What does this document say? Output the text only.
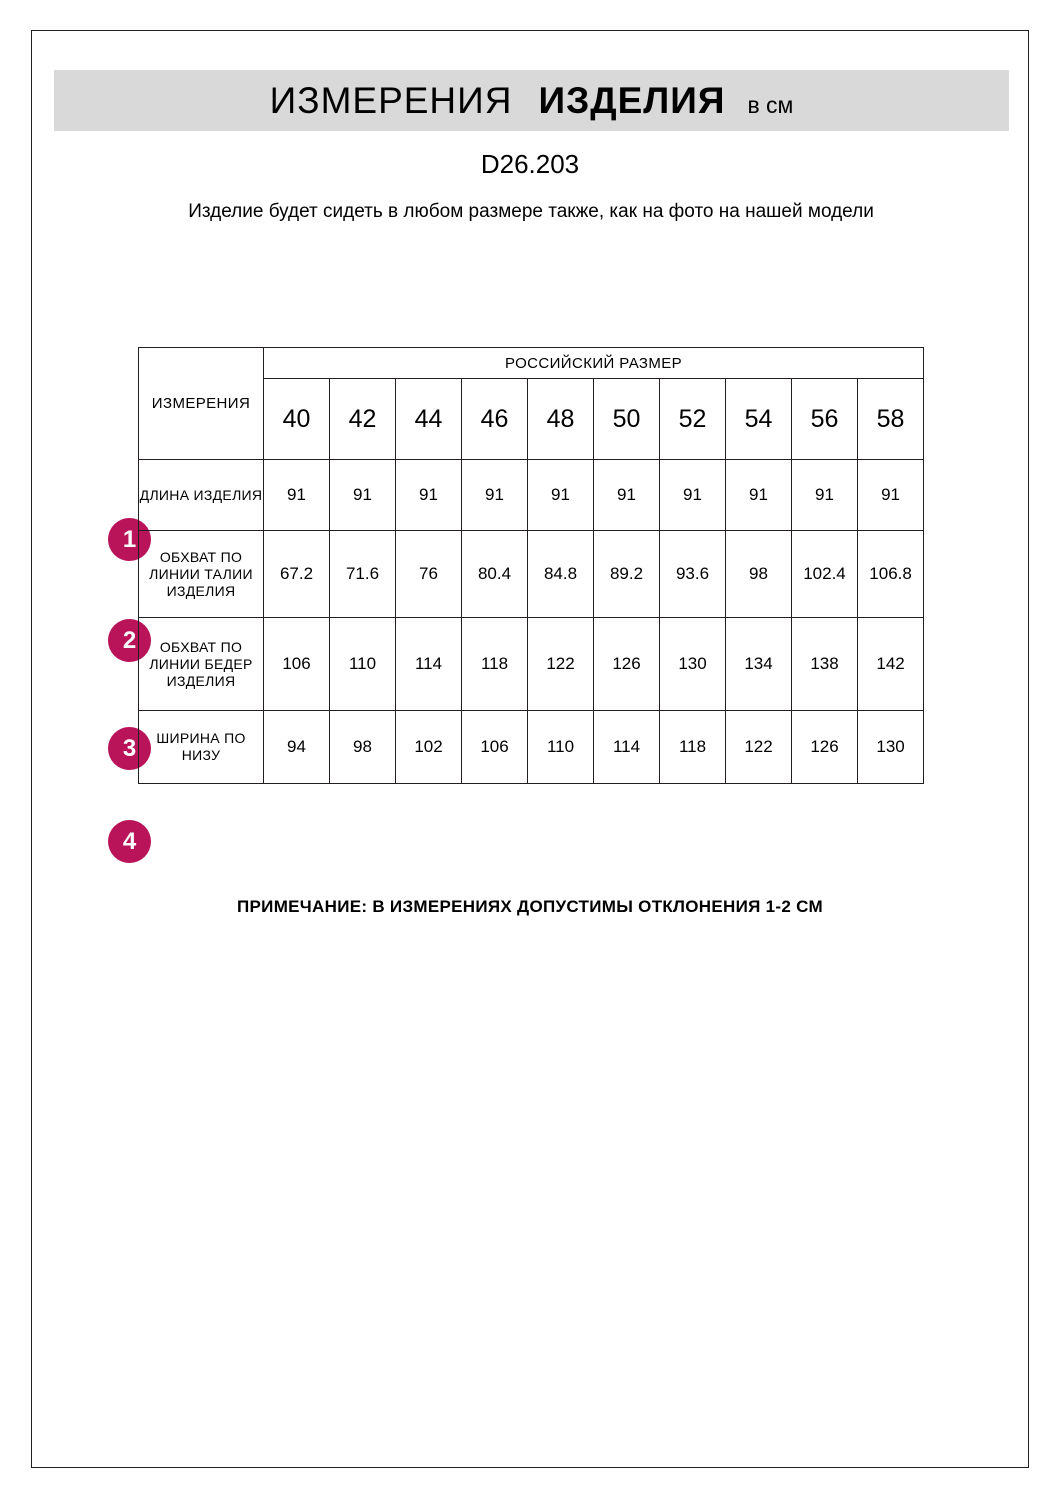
ИЗМЕРЕНИЯ ИЗДЕЛИЯ в см
D26.203
Изделие будет сидеть в любом размере также, как на фото на нашей модели
1
2
3
4
ИЗМЕРЕНИЯ	РОССИЙСКИЙ РАЗМЕР									
	40	42	44	46	48	50	52	54	56	58
ДЛИНА ИЗДЕЛИЯ	91	91	91	91	91	91	91	91	91	91
ОБХВАТ ПО ЛИНИИ ТАЛИИ ИЗДЕЛИЯ	67.2	71.6	76	80.4	84.8	89.2	93.6	98	102.4	106.8
ОБХВАТ ПО ЛИНИИ БЕДЕР ИЗДЕЛИЯ	106	110	114	118	122	126	130	134	138	142
ШИРИНА ПО НИЗУ	94	98	102	106	110	114	118	122	126	130
ПРИМЕЧАНИЕ: В ИЗМЕРЕНИЯХ ДОПУСТИМЫ ОТКЛОНЕНИЯ 1-2 СМ
